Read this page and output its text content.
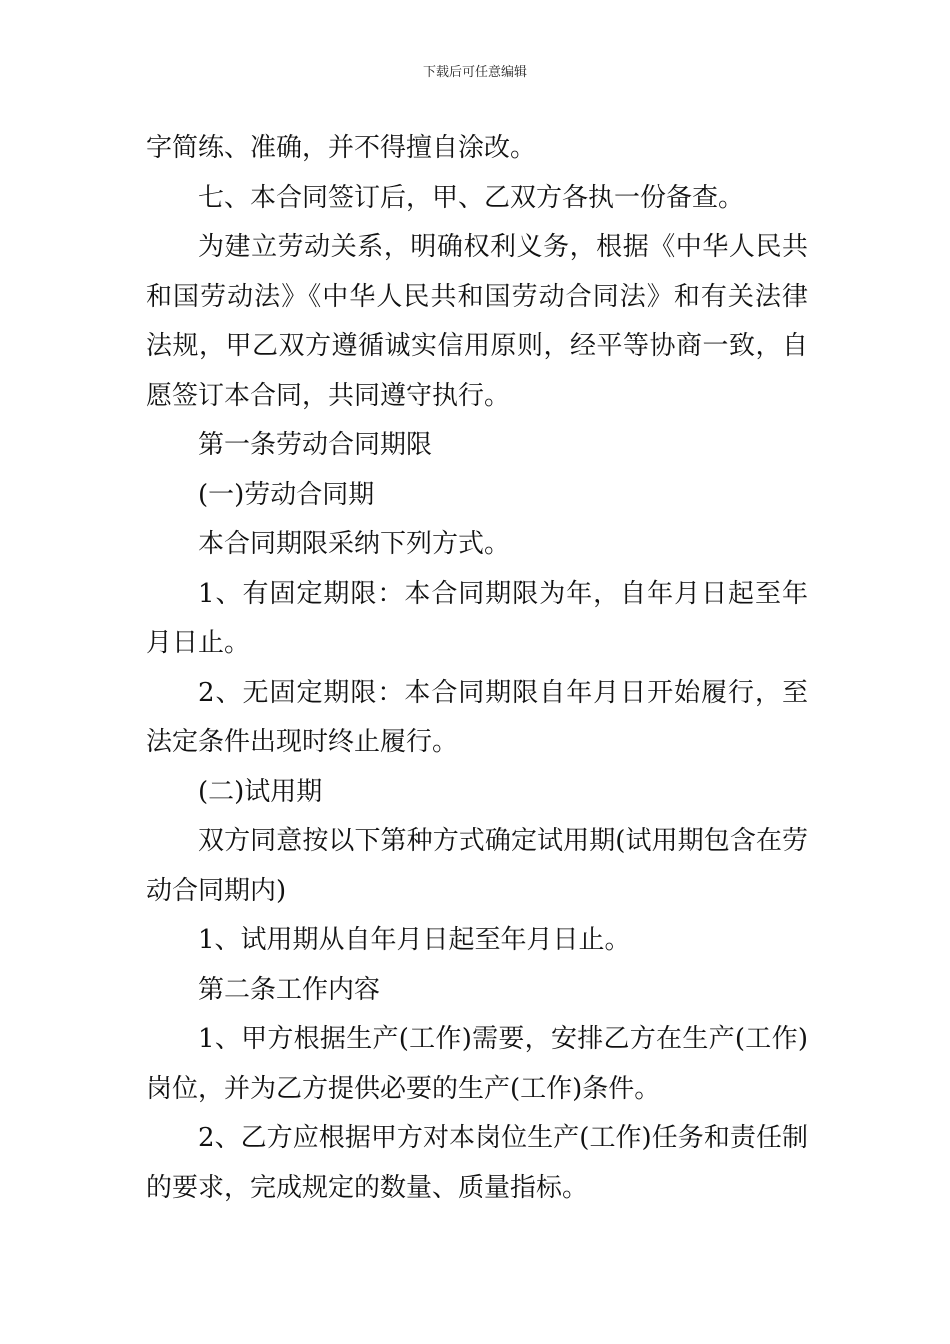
下载后可任意编辑

字简练、准确，并不得擅自涂改。

七、本合同签订后，甲、乙双方各执一份备查。

为建立劳动关系，明确权利义务，根据《中华人民共和国劳动法》《中华人民共和国劳动合同法》和有关法律法规，甲乙双方遵循诚实信用原则，经平等协商一致，自愿签订本合同，共同遵守执行。

第一条劳动合同期限

(一)劳动合同期

本合同期限采纳下列方式。

1、有固定期限：本合同期限为年，自年月日起至年月日止。

2、无固定期限：本合同期限自年月日开始履行，至法定条件出现时终止履行。

(二)试用期

双方同意按以下第种方式确定试用期(试用期包含在劳动合同期内)

1、试用期从自年月日起至年月日止。

第二条工作内容

1、甲方根据生产(工作)需要，安排乙方在生产(工作)岗位，并为乙方提供必要的生产(工作)条件。

2、乙方应根据甲方对本岗位生产(工作)任务和责任制的要求，完成规定的数量、质量指标。
